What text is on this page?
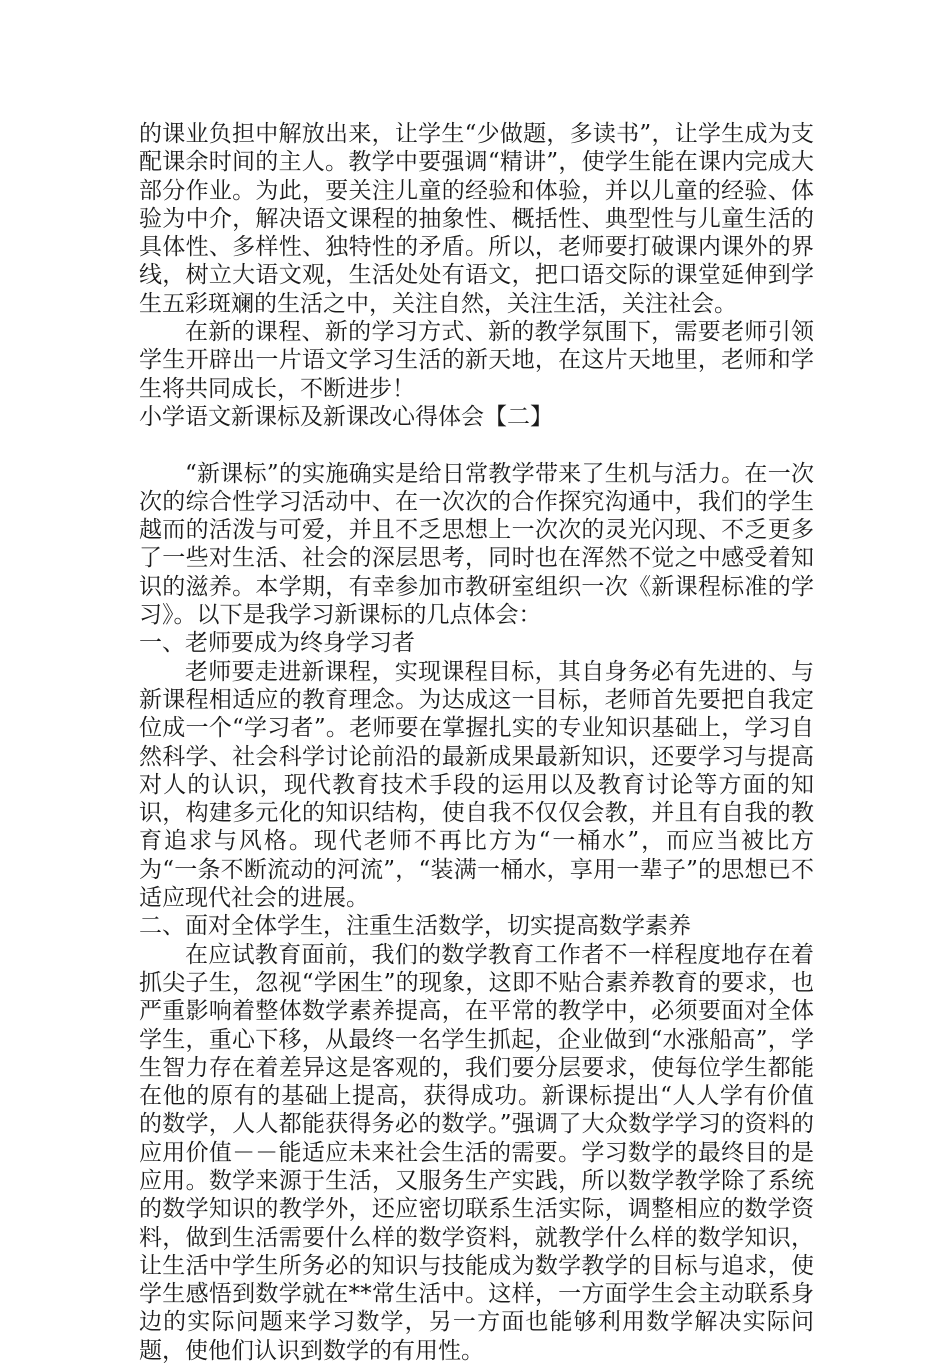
的课业负担中解放出来，让学生“少做题，多读书”，让学生成为支配课余时间的主人。教学中要强调“精讲”，使学生能在课内完成大部分作业。为此，要关注儿童的经验和体验，并以儿童的经验、体验为中介，解决语文课程的抽象性、概括性、典型性与儿童生活的具体性、多样性、独特性的矛盾。所以，老师要打破课内课外的界线，树立大语文观，生活处处有语文，把口语交际的课堂延伸到学生五彩斑斓的生活之中，关注自然，关注生活，关注社会。

在新的课程、新的学习方式、新的教学氛围下，需要老师引领学生开辟出一片语文学习生活的新天地，在这片天地里，老师和学生将共同成长，不断进步！

小学语文新课标及新课改心得体会【二】

“新课标”的实施确实是给日常教学带来了生机与活力。在一次次的综合性学习活动中、在一次次的合作探究沟通中，我们的学生越而的活泼与可爱，并且不乏思想上一次次的灵光闪现、不乏更多了一些对生活、社会的深层思考，同时也在浑然不觉之中感受着知识的滋养。本学期，有幸参加市教研室组织一次《新课程标准的学习》。以下是我学习新课标的几点体会：

一、老师要成为终身学习者

老师要走进新课程，实现课程目标，其自身务必有先进的、与新课程相适应的教育理念。为达成这一目标，老师首先要把自我定位成一个“学习者”。老师要在掌握扎实的专业知识基础上，学习自然科学、社会科学讨论前沿的最新成果最新知识，还要学习与提高对人的认识，现代教育技术手段的运用以及教育讨论等方面的知识，构建多元化的知识结构，使自我不仅仅会教，并且有自我的教育追求与风格。现代老师不再比方为“一桶水”，而应当被比方为“一条不断流动的河流”，“装满一桶水，享用一辈子”的思想已不适应现代社会的进展。

二、面对全体学生，注重生活数学，切实提高数学素养

在应试教育面前，我们的数学教育工作者不一样程度地存在着抓尖子生，忽视“学困生”的现象，这即不贴合素养教育的要求，也严重影响着整体数学素养提高，在平常的教学中，必须要面对全体学生，重心下移，从最终一名学生抓起，企业做到“水涨船高”，学生智力存在着差异这是客观的，我们要分层要求，使每位学生都能在他的原有的基础上提高，获得成功。新课标提出“人人学有价值的数学，人人都能获得务必的数学。”强调了大众数学学习的资料的应用价值－－能适应未来社会生活的需要。学习数学的最终目的是应用。数学来源于生活，又服务生产实践，所以数学教学除了系统的数学知识的教学外，还应密切联系生活实际，调整相应的数学资料，做到生活需要什么样的数学资料，就教学什么样的数学知识，让生活中学生所务必的知识与技能成为数学教学的目标与追求，使学生感悟到数学就在**常生活中。这样，一方面学生会主动联系身边的实际问题来学习数学，另一方面也能够利用数学解决实际问题，使他们认识到数学的有用性。
